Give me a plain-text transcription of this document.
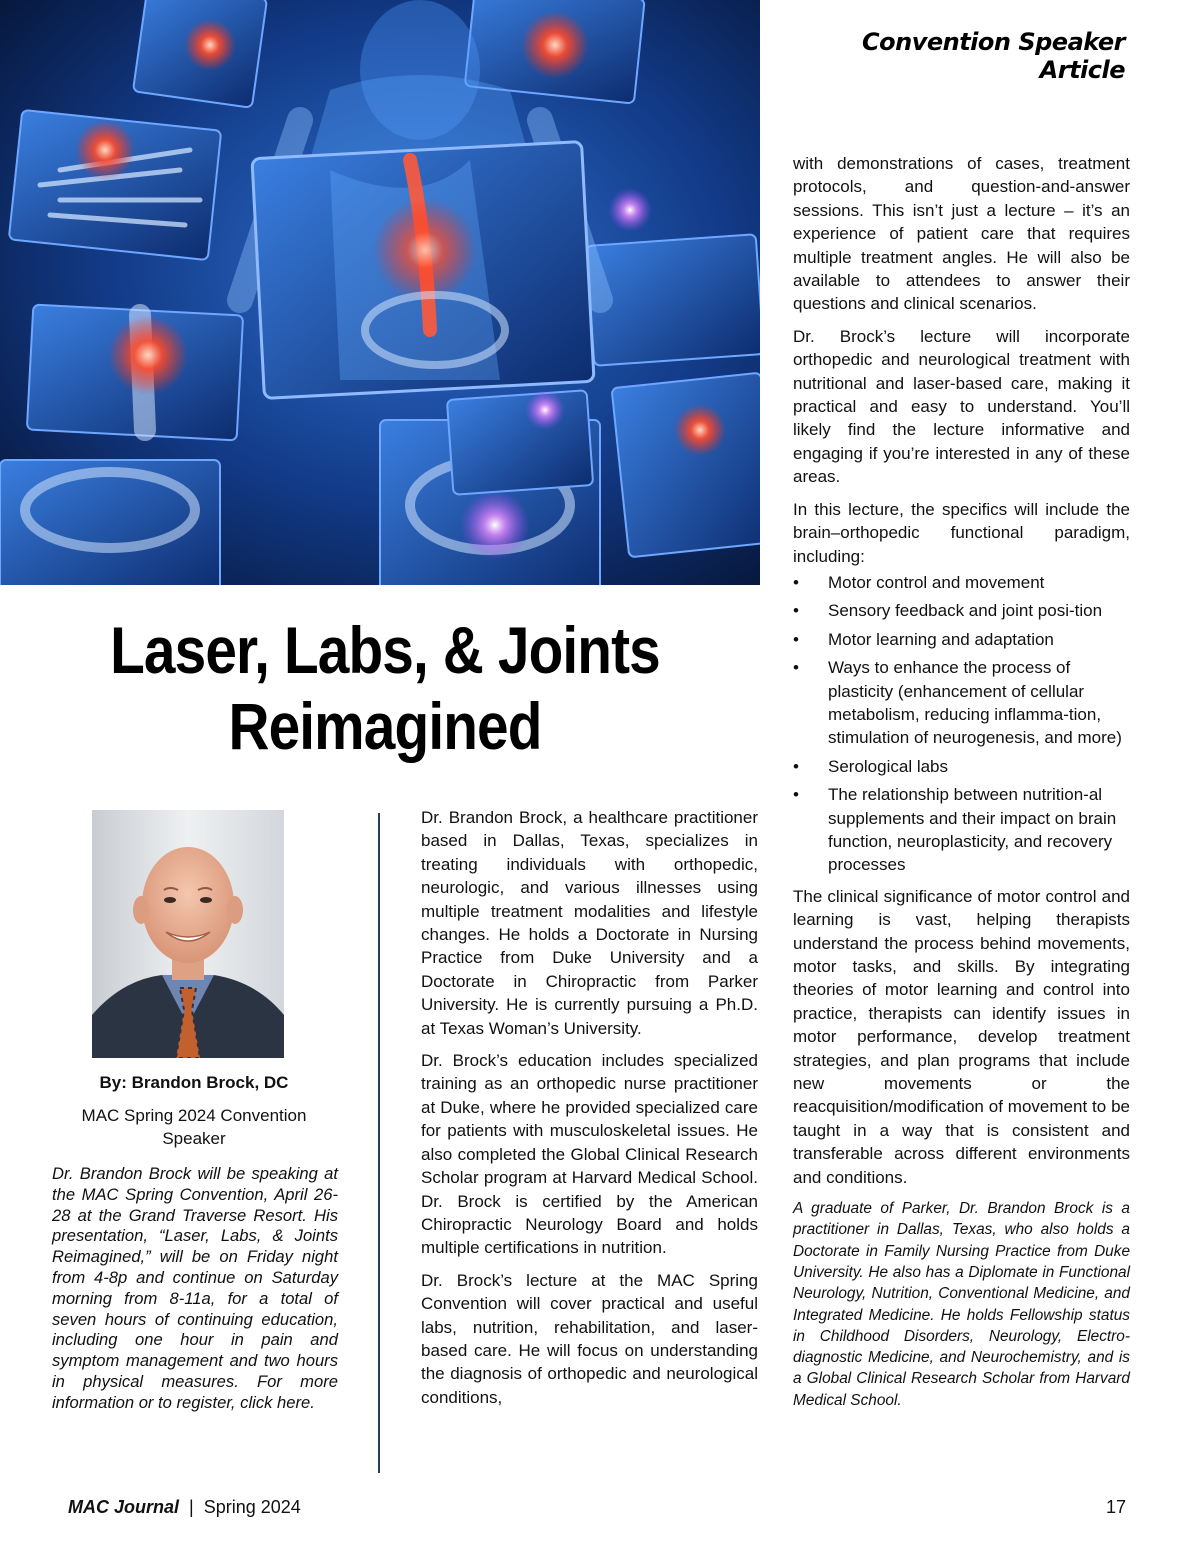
Convention Speaker Article
Laser, Labs, & Joints
Reimagined

By: Brandon Brock, DC

MAC Spring 2024 Convention Speaker

Dr. Brandon Brock will be speaking at the MAC Spring Convention, April 26-28 at the Grand Traverse Resort. His presentation, “Laser, Labs, & Joints Reimagined,” will be on Friday night from 4-8p and continue on Saturday morning from 8-11a, for a total of seven hours of continuing education, including one hour in pain and symptom management and two hours in physical measures. For more information or to register, click here.

Dr. Brandon Brock, a healthcare practitioner based in Dallas, Texas, specializes in treating individuals with orthopedic, neurologic, and various illnesses using multiple treatment modalities and lifestyle changes. He holds a Doctorate in Nursing Practice from Duke University and a Doctorate in Chiropractic from Parker University. He is currently pursuing a Ph.D. at Texas Woman’s University.

Dr. Brock’s education includes specialized training as an orthopedic nurse practitioner at Duke, where he provided specialized care for patients with musculoskeletal issues. He also completed the Global Clinical Research Scholar program at Harvard Medical School. Dr. Brock is certified by the American Chiropractic Neurology Board and holds multiple certifications in nutrition.

Dr. Brock’s lecture at the MAC Spring Convention will cover practical and useful labs, nutrition, rehabilitation, and laser-based care. He will focus on understanding the diagnosis of orthopedic and neurological conditions,

with demonstrations of cases, treatment protocols, and question-and-answer sessions. This isn’t just a lecture – it’s an experience of patient care that requires multiple treatment angles. He will also be available to attendees to answer their questions and clinical scenarios.

Dr. Brock’s lecture will incorporate orthopedic and neurological treatment with nutritional and laser-based care, making it practical and easy to understand. You’ll likely find the lecture informative and engaging if you’re interested in any of these areas.

In this lecture, the specifics will include the brain–orthopedic functional paradigm, including:

• Motor control and movement
• Sensory feedback and joint posi-tion
• Motor learning and adaptation
• Ways to enhance the process of plasticity (enhancement of cellular metabolism, reducing inflamma-tion, stimulation of neurogenesis, and more)
• Serological labs
• The relationship between nutrition-al supplements and their impact on brain function, neuroplasticity, and recovery processes

The clinical significance of motor control and learning is vast, helping therapists understand the process behind movements, motor tasks, and skills. By integrating theories of motor learning and control into practice, therapists can identify issues in motor performance, develop treatment strategies, and plan programs that include new movements or the reacquisition/modification of movement to be taught in a way that is consistent and transferable across different environments and conditions.

A graduate of Parker, Dr. Brandon Brock is a practitioner in Dallas, Texas, who also holds a Doctorate in Family Nursing Practice from Duke University. He also has a Diplomate in Functional Neurology, Nutrition, Conventional Medicine, and Integrated Medicine. He holds Fellowship status in Childhood Disorders, Neurology, Electro-diagnostic Medicine, and Neurochemistry, and is a Global Clinical Research Scholar from Harvard Medical School.

MAC Journal | Spring 2024	17
